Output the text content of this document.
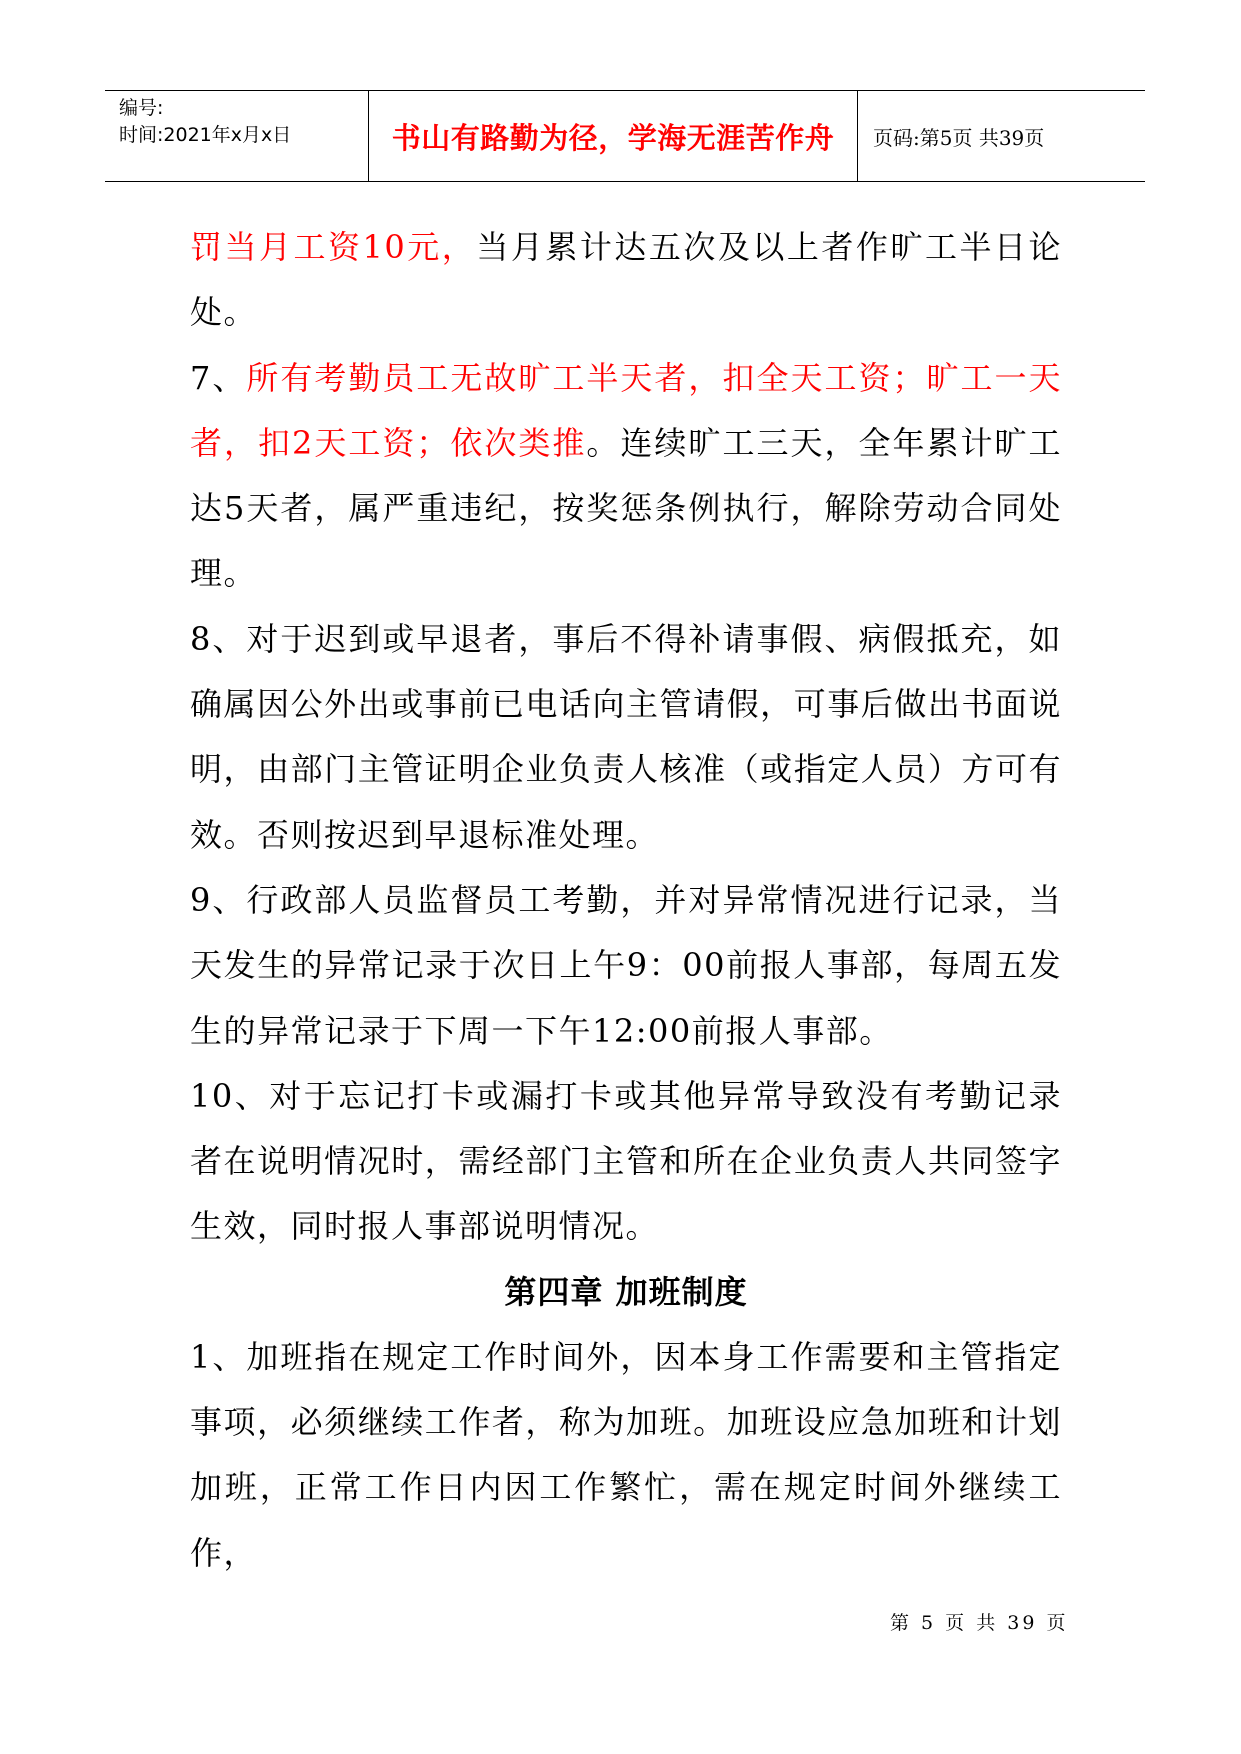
编号:
时间:2021年x月x日	书山有路勤为径，学海无涯苦作舟	页码:第5页 共39页

罚当月工资10元，当月累计达五次及以上者作旷工半日论处。

7、所有考勤员工无故旷工半天者，扣全天工资；旷工一天者，扣2天工资；依次类推。连续旷工三天，全年累计旷工达5天者，属严重违纪，按奖惩条例执行，解除劳动合同处理。

8、对于迟到或早退者，事后不得补请事假、病假抵充，如确属因公外出或事前已电话向主管请假，可事后做出书面说明，由部门主管证明企业负责人核准（或指定人员）方可有效。否则按迟到早退标准处理。

9、行政部人员监督员工考勤，并对异常情况进行记录，当天发生的异常记录于次日上午9：00前报人事部，每周五发生的异常记录于下周一下午12:00前报人事部。

10、对于忘记打卡或漏打卡或其他异常导致没有考勤记录者在说明情况时，需经部门主管和所在企业负责人共同签字生效，同时报人事部说明情况。

第四章 加班制度

1、加班指在规定工作时间外，因本身工作需要和主管指定事项，必须继续工作者，称为加班。加班设应急加班和计划加班，正常工作日内因工作繁忙，需在规定时间外继续工作，

第 5 页 共 39 页
